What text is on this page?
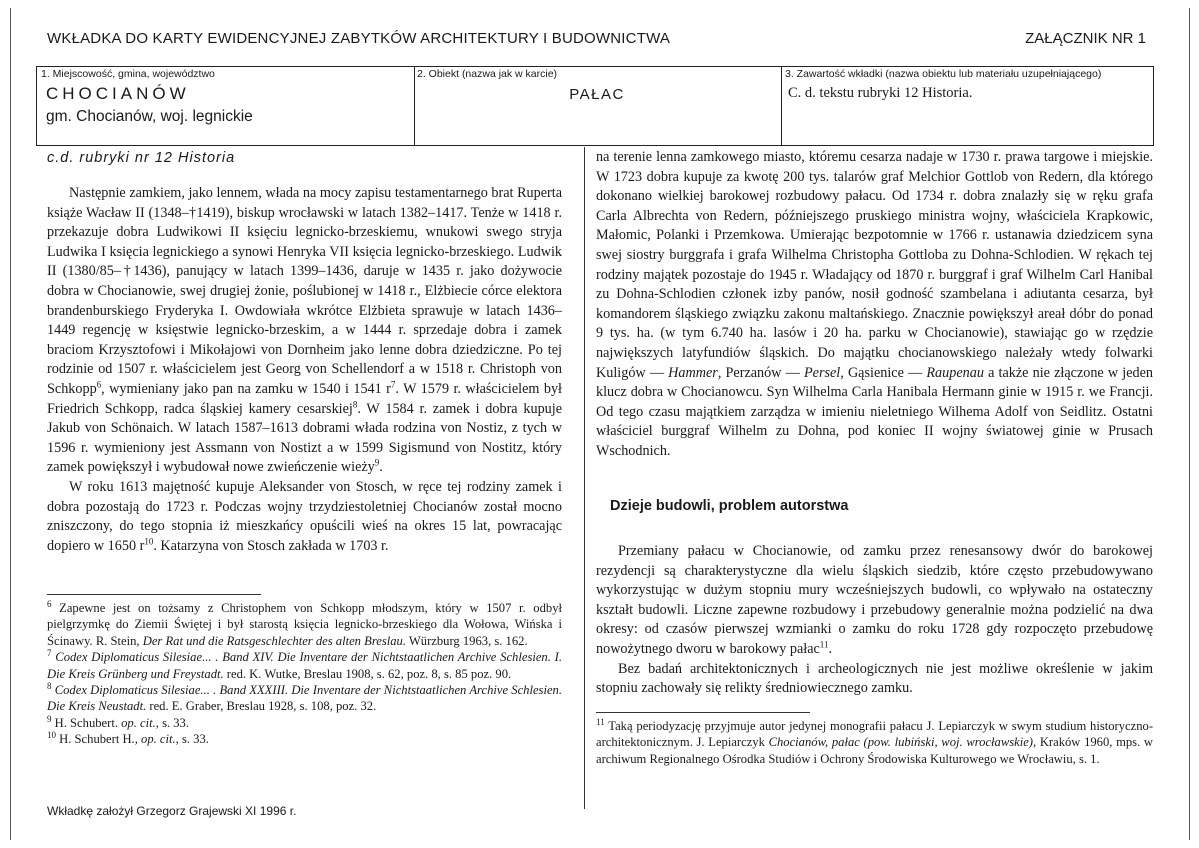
WKŁADKA DO KARTY EWIDENCYJNEJ ZABYTKÓW ARCHITEKTURY I BUDOWNICTWA	ZAŁĄCZNIK NR 1
1. Miejscowość, gmina, województwo
CHOCIANÓW
gm. Chocianów, woj. legnickie
2. Obiekt (nazwa jak w karcie)
PAŁAC
3. Zawartość wkładki (nazwa obiektu lub materiału uzupełniającego)
C. d. tekstu rubryki 12 Historia.
c.d. rubryki nr 12 Historia

Następnie zamkiem, jako lennem, włada na mocy zapisu testamentarnego brat Ruperta książe Wacław II (1348–†1419), biskup wrocławski w latach 1382–1417. Tenże w 1418 r. przekazuje dobra Ludwikowi II księciu legnicko-brzeskiemu, wnukowi swego stryja Ludwika I księcia legnickiego a synowi Henryka VII księcia legnicko-brzeskiego. Ludwik II (1380/85–†1436), panujący w latach 1399–1436, daruje w 1435 r. jako dożywocie dobra w Chocianowie, swej drugiej żonie, poślubionej w 1418 r., Elżbiecie córce elektora brandenburskiego Fryderyka I. Owdowiała wkrótce Elżbieta sprawuje w latach 1436–1449 regencję w księstwie legnicko-brzeskim, a w 1444 r. sprzedaje dobra i zamek braciom Krzysztofowi i Mikołajowi von Dornheim jako lenne dobra dziedziczne. Po tej rodzinie od 1507 r. właścicielem jest Georg von Schellendorf a w 1518 r. Christoph von Schkopp$^6$, wymieniany jako pan na zamku w 1540 i 1541 $r^7$. W 1579 r. właścicielem był Friedrich Schkopp, radca śląskiej kamery cesarskiej$^8$. W 1584 r. zamek i dobra kupuje Jakub von Schönaich. W latach 1587–1613 dobrami włada rodzina von Nostiz, z tych w 1596 r. wymieniony jest Assmann von Nostizt a w 1599 Sigismund von Nostitz, który zamek powiększył i wybudował nowe zwieńczenie wieży$^9$.

W roku 1613 majętność kupuje Aleksander von Stosch, w ręce tej rodziny zamek i dobra pozostają do 1723 r. Podczas wojny trzydziestoletniej Chocianów został mocno zniszczony, do tego stopnia iż mieszkańcy opuścili wieś na okres 15 lat, powracając dopiero w 1650 $r^{10}$. Katarzyna von Stosch zakłada w 1703 r.

$^6$ Zapewne jest on tożsamy z Christophem von Schkopp młodszym, który w 1507 r. odbył pielgrzymkę do Ziemii Świętej i był starostą księcia legnicko-brzeskiego dla Wołowa, Wińska i Ścinawy. R. Stein, Der Rat und die Ratsgeschlechter des alten Breslau. Würzburg 1963, s. 162.

$^7$ Codex Diplomaticus Silesiae... . Band XIV. Die Inventare der Nichtstaatlichen Archive Schlesien. I. Die Kreis Grünberg und Freystadt. red. K. Wutke, Breslau 1908, s. 62, poz. 8, s. 85 poz. 90.

$^8$ Codex Diplomaticus Silesiae... . Band XXXIII. Die Inventare der Nichtstaatlichen Archive Schlesien. Die Kreis Neustadt. red. E. Graber, Breslau 1928, s. 108, poz. 32.

$^9$ H. Schubert. op. cit., s. 33.

$^{10}$ H. Schubert H., op. cit., s. 33.

na terenie lenna zamkowego miasto, któremu cesarza nadaje w 1730 r. prawa targowe i miejskie. W 1723 dobra kupuje za kwotę 200 tys. talarów graf Melchior Gottlob von Redern, dla którego dokonano wielkiej barokowej rozbudowy pałacu. Od 1734 r. dobra znalazły się w ręku grafa Carla Albrechta von Redern, późniejszego pruskiego ministra wojny, właściciela Krapkowic, Małomic, Polanki i Przemkowa. Umierając bezpotomnie w 1766 r. ustanawia dziedzicem syna swej siostry burggrafa i grafa Wilhelma Christopha Gottloba zu Dohna-Schlodien. W rękach tej rodziny majątek pozostaje do 1945 r. Władający od 1870 r. burggraf i graf Wilhelm Carl Hanibal zu Dohna-Schlodien członek izby panów, nosił godność szambelana i adiutanta cesarza, był komandorem śląskiego związku zakonu maltańskiego. Znacznie powiększył areał dóbr do ponad 9 tys. ha. (w tym 6.740 ha. lasów i 20 ha. parku w Chocianowie), stawiając go w rzędzie największych latyfundiów śląskich. Do majątku chocianowskiego należały wtedy folwarki Kuligów — Hammer, Perzanów — Persel, Gąsienice — Raupenau a także nie złączone w jeden klucz dobra w Chocianowcu. Syn Wilhelma Carla Hanibala Hermann ginie w 1915 r. we Francji. Od tego czasu majątkiem zarządza w imieniu nieletniego Wilhema Adolf von Seidlitz. Ostatni właściciel burggraf Wilhelm zu Dohna, pod koniec II wojny światowej ginie w Prusach Wschodnich.

Dzieje budowli, problem autorstwa

Przemiany pałacu w Chocianowie, od zamku przez renesansowy dwór do barokowej rezydencji są charakterystyczne dla wielu śląskich siedzib, które często przebudowywano wykorzystując w dużym stopniu mury wcześniejszych budowli, co wpływało na ostateczny kształt budowli. Liczne zapewne rozbudowy i przebudowy generalnie można podzielić na dwa okresy: od czasów pierwszej wzmianki o zamku do roku 1728 gdy rozpoczęto przebudowę nowożytnego dworu w barokowy pałac$^{11}$.

Bez badań architektonicznych i archeologicznych nie jest możliwe określenie w jakim stopniu zachowały się relikty średniowiecznego zamku.

$^{11}$ Taką periodyzację przyjmuje autor jedynej monografii pałacu J. Lepiarczyk w swym studium historyczno-architektonicznym. J. Lepiarczyk Chocianów, pałac (pow. lubiński, woj. wrocławskie), Kraków 1960, mps. w archiwum Regionalnego Ośrodka Studiów i Ochrony Środowiska Kulturowego we Wrocławiu, s. 1.

Wkładkę założył Grzegorz Grajewski XI 1996 r.
